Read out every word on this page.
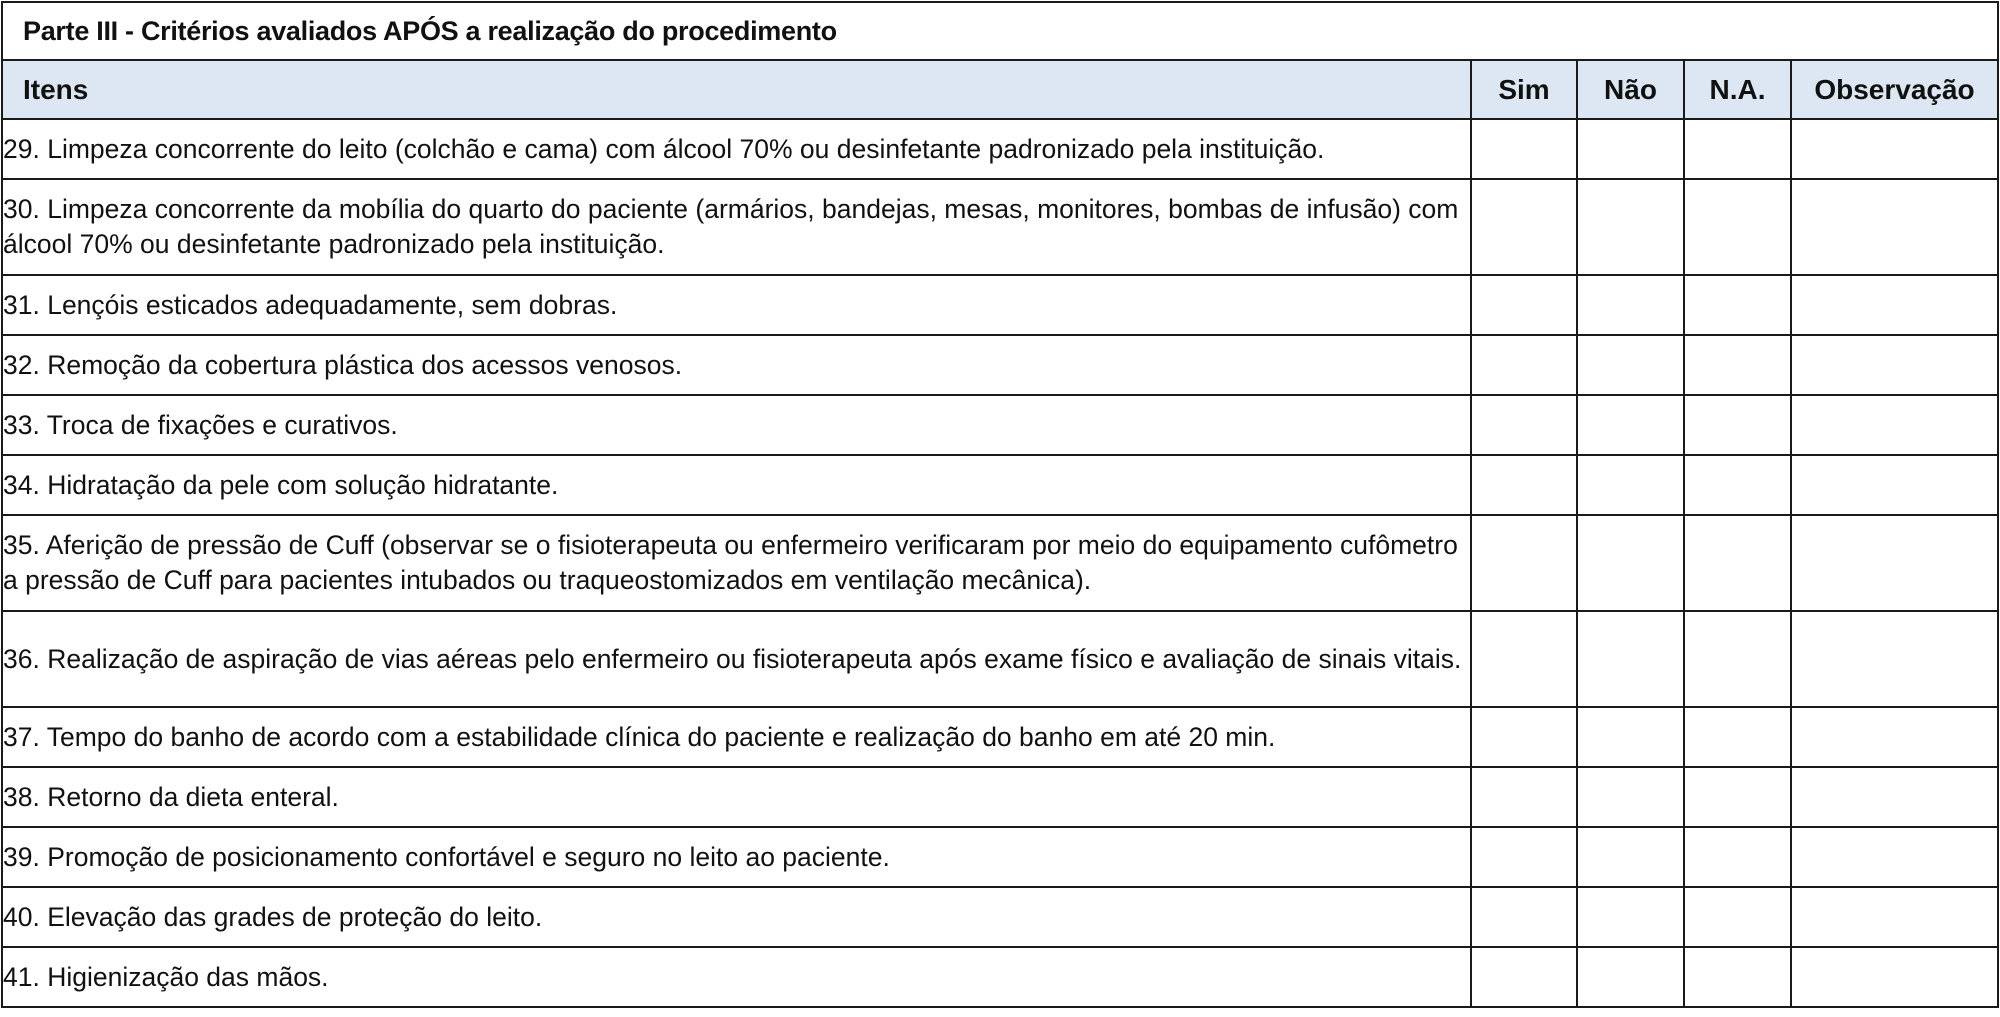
Parte III - Critérios avaliados APÓS a realização do procedimento				
Itens	Sim	Não	N.A.	Observação
29. Limpeza concorrente do leito (colchão e cama) com álcool 70% ou desinfetante padronizado pela instituição.				
30. Limpeza concorrente da mobília do quarto do paciente (armários, bandejas, mesas, monitores, bombas de infusão) com álcool 70% ou desinfetante padronizado pela instituição.				
31. Lençóis esticados adequadamente, sem dobras.				
32. Remoção da cobertura plástica dos acessos venosos.				
33. Troca de fixações e curativos.				
34. Hidratação da pele com solução hidratante.				
35. Aferição de pressão de Cuff (observar se o fisioterapeuta ou enfermeiro verificaram por meio do equipamento cufômetro a pressão de Cuff para pacientes intubados ou traqueostomizados em ventilação mecânica).				
36. Realização de aspiração de vias aéreas pelo enfermeiro ou fisioterapeuta após exame físico e avaliação de sinais vitais.				
37. Tempo do banho de acordo com a estabilidade clínica do paciente e realização do banho em até 20 min.				
38. Retorno da dieta enteral.				
39. Promoção de posicionamento confortável e seguro no leito ao paciente.				
40. Elevação das grades de proteção do leito.				
41. Higienização das mãos.				
